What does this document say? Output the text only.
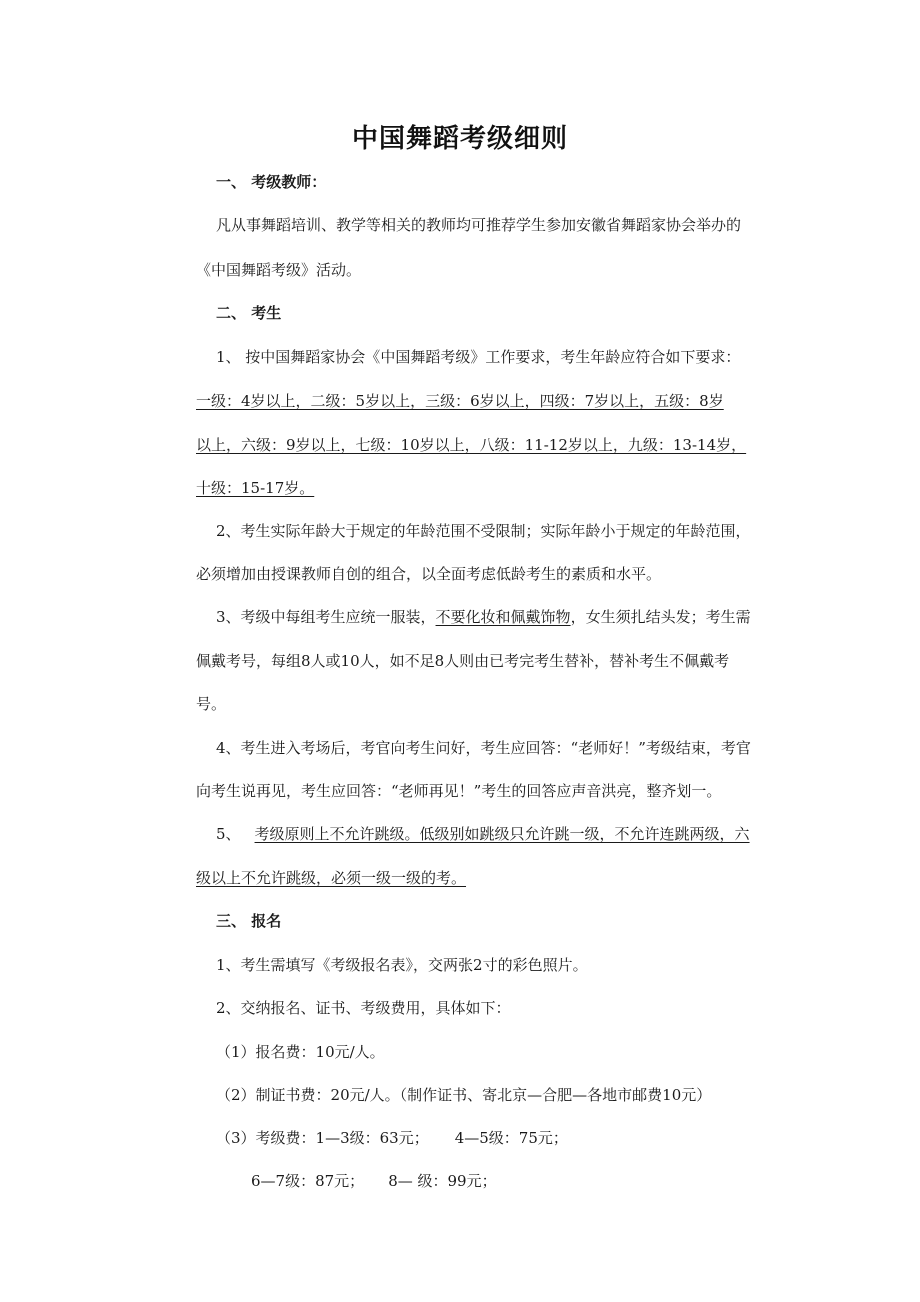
中国舞蹈考级细则
一、 考级教师：
凡从事舞蹈培训、教学等相关的教师均可推荐学生参加安徽省舞蹈家协会举办的
《中国舞蹈考级》活动。
二、 考生
1、 按中国舞蹈家协会《中国舞蹈考级》工作要求，考生年龄应符合如下要求：
一级：4岁以上，二级：5岁以上，三级：6岁以上，四级：7岁以上，五级：8岁
以上，六级：9岁以上，七级：10岁以上，八级：11-12岁以上，九级：13-14岁，
十级：15-17岁。
2、考生实际年龄大于规定的年龄范围不受限制；实际年龄小于规定的年龄范围，
必须增加由授课教师自创的组合，以全面考虑低龄考生的素质和水平。
3、考级中每组考生应统一服装，不要化妆和佩戴饰物，女生须扎结头发；考生需
佩戴考号，每组8人或10人，如不足8人则由已考完考生替补，替补考生不佩戴考
号。
4、考生进入考场后，考官向考生问好，考生应回答：“老师好！”考级结束，考官
向考生说再见，考生应回答：“老师再见！”考生的回答应声音洪亮，整齐划一。
5、 考级原则上不允许跳级。低级别如跳级只允许跳一级，不允许连跳两级，六
级以上不允许跳级，必须一级一级的考。
三、 报名
1、考生需填写《考级报名表》，交两张2寸的彩色照片。
2、交纳报名、证书、考级费用，具体如下：
（1）报名费：10元/人。
（2）制证书费：20元/人。（制作证书、寄北京—合肥—各地市邮费10元）
（3）考级费：1—3级：63元； 4—5级：75元；
6—7级：87元； 8— 级：99元；
